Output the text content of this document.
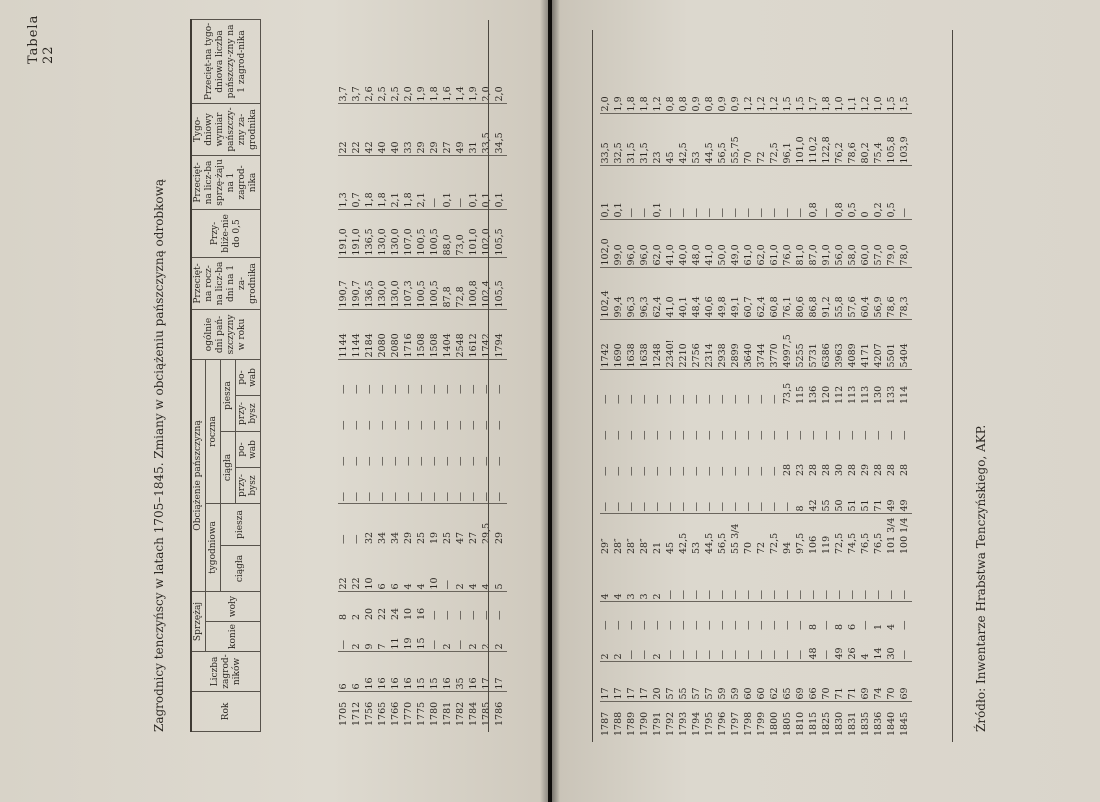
Tabela 22
Zagrodnicy tenczyńscy w latach 1705–1845. Zmiany w obciążeniu pańszczyzną odrobkową	Rok	Liczba zagrod-ników	Sprzężaj		Obciążenie pańszczyzną						ogólnie dni pań-szczyzny w roku	Przecięt-na rocz-na licz-ba dni na 1 za-grodnika	Przy-bliże-nie do 0,5	Przecięt-na licz-ba sprzę-żaju na 1 zagrod-nika	Tygo-dniowy wymiar pańszczy-zny za-grodnika	Przecięt-na tygo-dniowa liczba pańszczy-zny na 1 zagrod-nika
		konie	woły	tygodniowa		roczna									
				ciągła	piesza	ciągła		piesza							
						przy-bysz	po-wab	przy-bysz	po-wab						
1705	6	—	8	22	—	—	—	—	—	1144	190,7	191,0	1,3	22	3,7
1712	6	2	2	22	—	—	—	—	—	1144	190,7	191,0	0,7	22	3,7
1756	16	9	20	10	32	—	—	—	—	2184	136,5	136,5	1,8	42	2,6
1765	16	7	22	6	34	—	—	—	—	2080	130,0	130,0	1,8	40	2,5
1766	16	11	24	6	34	—	—	—	—	2080	130,0	130,0	2,1	40	2,5
1770	16	19	10	4	29	—	—	—	—	1716	107,3	107,0	1,8	33	2,0
1775	15	15	16	4	25	—	—	—	—	1508	100,5	100,5	2,1	29	1,9
1780	15	—	—	10	19	—	—	—	—	1508	100,5	100,5	—	29	1,8
1781	16	2	—	—	25	—	—	—	—	1404	87,8	88,0	0,1	27	1,6
1782	35	—	—	2	47	—	—	—	—	2548	72,8	73,0	—	49	1,4
1784	16	2	—	4	27	—	—	—	—	1612	100,8	101,0	0,1	31	1,9
1785	17	2	—	4	29,5	—	—	—	—	1742	102,4	102,0	0,1	33,5	2,0
1786	17	2	—	5	29	—	—	—	—	1794	105,5	105,5	0,1	34,5	2,0
1787	17	2	—	4	29″	—	—	—	—	1742	102,4	102,0	0,1	33,5	2,0
1788	17	2	—	4	28″	—	—	—	—	1690	99,4	99,0	0,1	32,5	1,9
1789	17	—	—	3	28″	—	—	—	—	1638	96,3	96,0	—	31,5	1,8
1790	17	—	—	3	28″	—	—	—	—	1638	96,3	96,0	—	31,5	1,8
1791	20	2	—	2	21	—	—	—	—	1248	62,4	62,0	0,1	23	1,2
1792	57	—	—	—	45	—	—	—	—	2340!	41,0	41,0	—	45	0,8
1793	55	—	—	—	42,5	—	—	—	—	2210	40,1	40,0	—	42,5	0,8
1794	57	—	—	—	53	—	—	—	—	2756	48,4	48,0	—	53	0,9
1795	57	—	—	—	44,5	—	—	—	—	2314	40,6	41,0	—	44,5	0,8
1796	59	—	—	—	56,5	—	—	—	—	2938	49,8	50,0	—	56,5	0,9
1797	59	—	—	—	55 3/4	—	—	—	—	2899	49,1	49,0	—	55,75	0,9
1798	60	—	—	—	70	—	—	—	—	3640	60,7	61,0	—	70	1,2
1799	60	—	—	—	72	—	—	—	—	3744	62,4	62,0	—	72	1,2
1800	62	—	—	—	72,5	—	—	—	—	3770	60,8	61,0	—	72,5	1,2
1805	65	—	—	—	94	—	28	—	73,5	4997,5	76,1	76,0	—	96,1	1,5
1810	69	—	—	—	97,5	8	23	—	115	5255	80,6	81,0	—	101,0	1,5
1815	66	48	8	—	106	42	28	—	136	5731	86,8	87,0	0,8	110,2	1,7
1825	70	—	—	—	119	55	28	—	120	6386	91,2	91,0	—	122,8	1,8
1830	71	49	8	—	72,5	50	30	—	112	3963	55,8	56,0	0,8	76,2	1,0
1831	71	26	6	—	74,5	51	28	—	113	4089	57,6	58,0	0,5	78,6	1,1
1835	69	4	—	—	76,5	51	29	—	113	4171	60,4	60,0	0	80,2	1,2
1836	74	14	1	—	76,5	71	28	—	130	4207	56,9	57,0	0,2	75,4	1,0
1840	70	30	4	—	101 3/4	49	28	—	133	5501	78,6	79,0	0,5	105,8	1,5
1845	69	—	—	—	100 1/4	49	28	—	114	5404	78,3	78,0	—	103,9	1,5
Źródło: Inwentarze Hrabstwa Tenczyńskiego, AKP.
